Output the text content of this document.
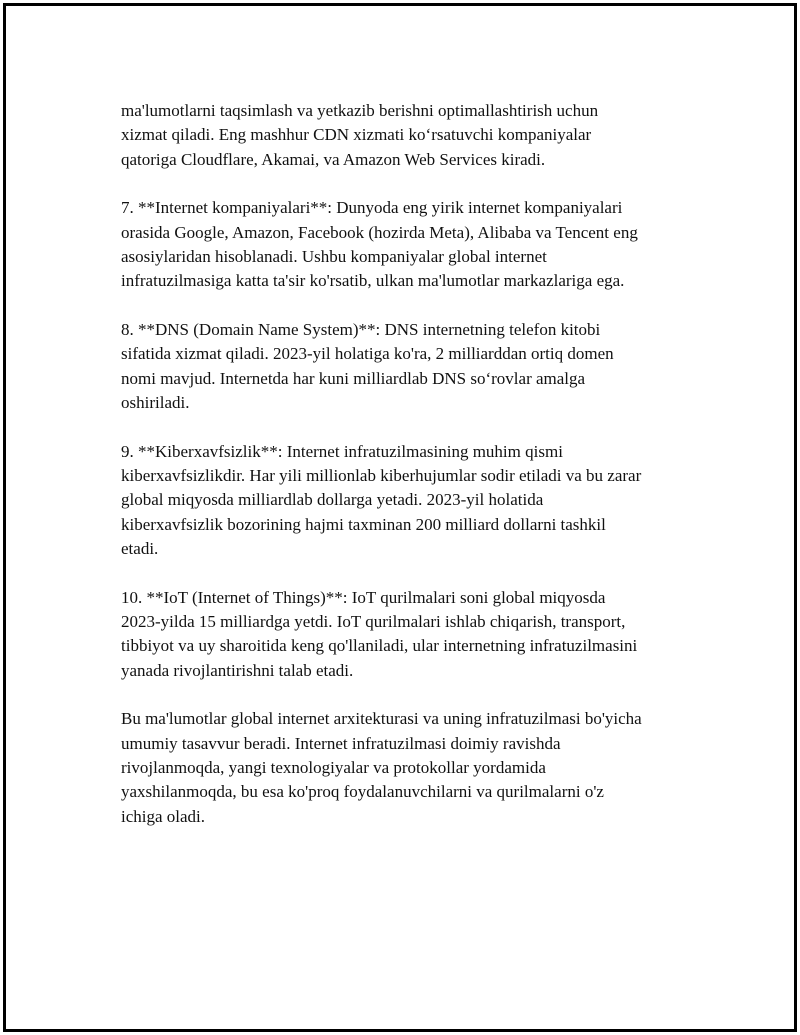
ma'lumotlarni taqsimlash va yetkazib berishni optimallashtirish uchun
xizmat qiladi. Eng mashhur CDN xizmati ko‘rsatuvchi kompaniyalar
qatoriga Cloudflare, Akamai, va Amazon Web Services kiradi.

7. **Internet kompaniyalari**: Dunyoda eng yirik internet kompaniyalari
orasida Google, Amazon, Facebook (hozirda Meta), Alibaba va Tencent eng
asosiylaridan hisoblanadi. Ushbu kompaniyalar global internet
infratuzilmasiga katta ta'sir ko'rsatib, ulkan ma'lumotlar markazlariga ega.

8. **DNS (Domain Name System)**: DNS internetning telefon kitobi
sifatida xizmat qiladi. 2023-yil holatiga ko'ra, 2 milliarddan ortiq domen
nomi mavjud. Internetda har kuni milliardlab DNS so‘rovlar amalga
oshiriladi.

9. **Kiberxavfsizlik**: Internet infratuzilmasining muhim qismi
kiberxavfsizlikdir. Har yili millionlab kiberhujumlar sodir etiladi va bu zarar
global miqyosda milliardlab dollarga yetadi. 2023-yil holatida
kiberxavfsizlik bozorining hajmi taxminan 200 milliard dollarni tashkil
etadi.

10. **IoT (Internet of Things)**: IoT qurilmalari soni global miqyosda
2023-yilda 15 milliardga yetdi. IoT qurilmalari ishlab chiqarish, transport,
tibbiyot va uy sharoitida keng qo'llaniladi, ular internetning infratuzilmasini
yanada rivojlantirishni talab etadi.

Bu ma'lumotlar global internet arxitekturasi va uning infratuzilmasi bo'yicha
umumiy tasavvur beradi. Internet infratuzilmasi doimiy ravishda
rivojlanmoqda, yangi texnologiyalar va protokollar yordamida
yaxshilanmoqda, bu esa ko'proq foydalanuvchilarni va qurilmalarni o'z
ichiga oladi.
